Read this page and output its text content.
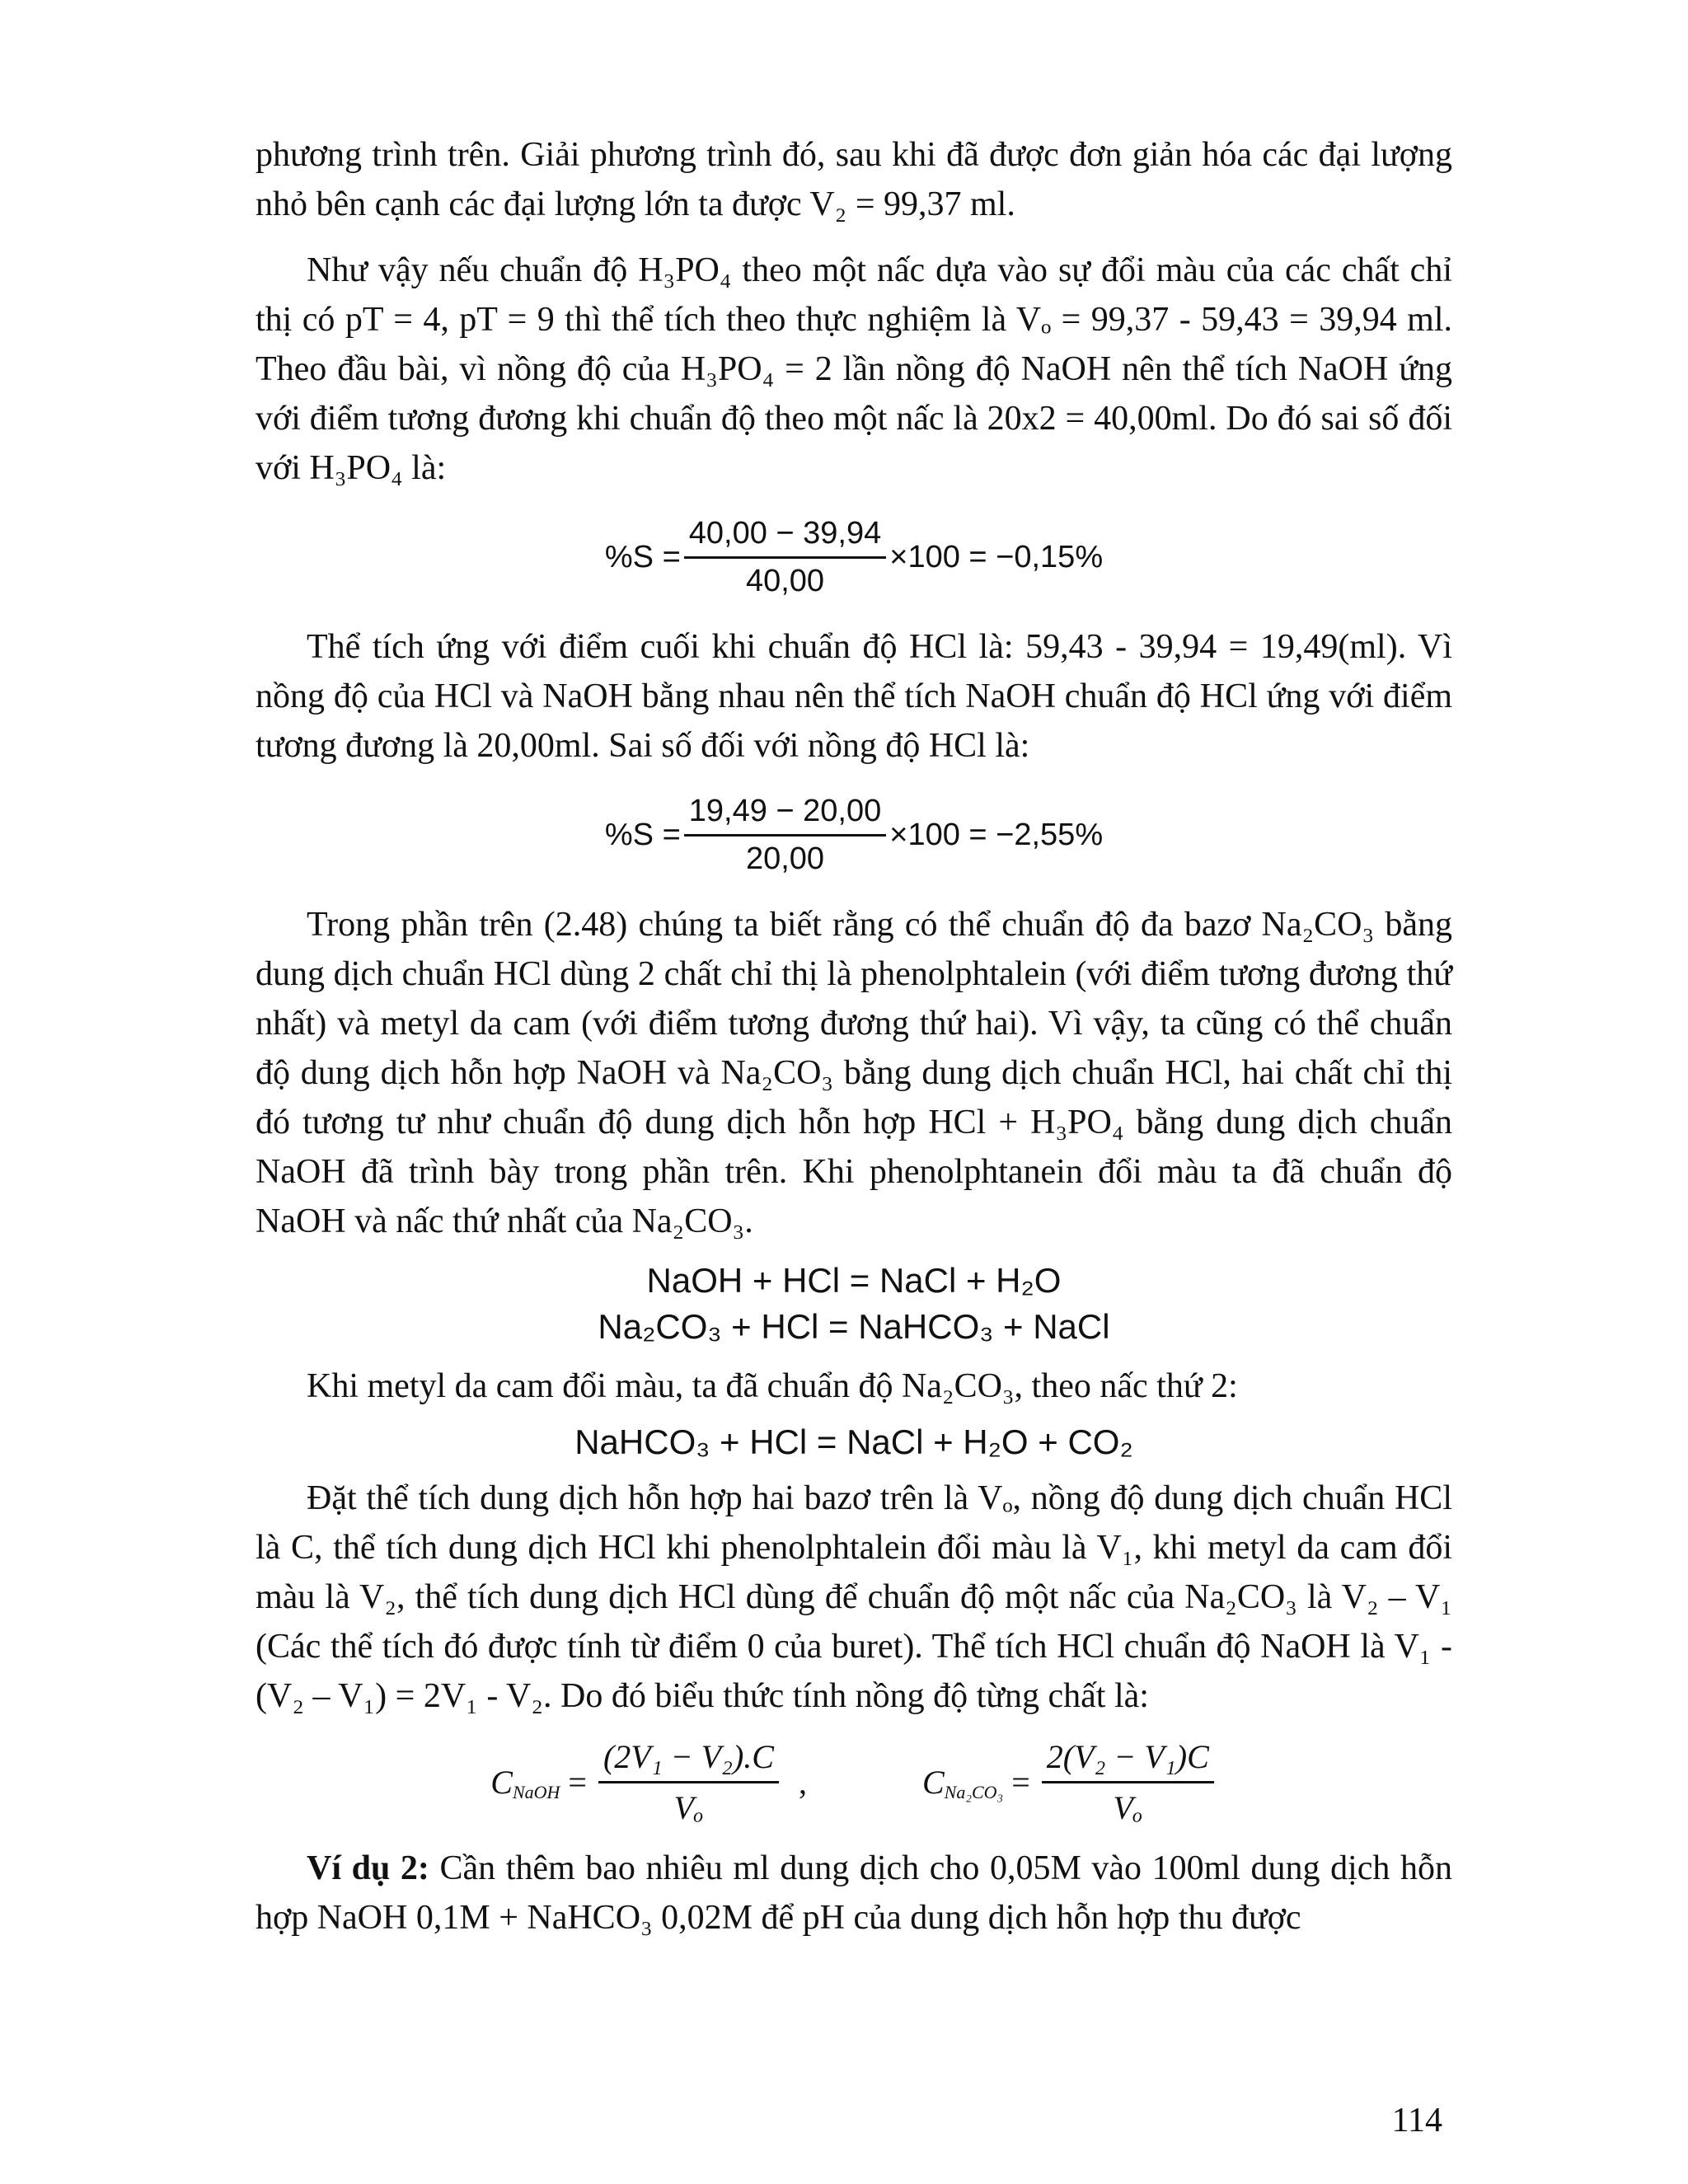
phương trình trên. Giải phương trình đó, sau khi đã được đơn giản hóa các đại lượng nhỏ bên cạnh các đại lượng lớn ta được V₂ = 99,37 ml.

Như vậy nếu chuẩn độ H₃PO₄ theo một nấc dựa vào sự đổi màu của các chất chỉ thị có pT = 4, pT = 9 thì thể tích theo thực nghiệm là Vₒ = 99,37 - 59,43 = 39,94 ml. Theo đầu bài, vì nồng độ của H₃PO₄ = 2 lần nồng độ NaOH nên thể tích NaOH ứng với điểm tương đương khi chuẩn độ theo một nấc là 20x2 = 40,00ml. Do đó sai số đối với H₃PO₄ là:

$\%S = \frac{40,00 - 39,94}{40,00} \times 100 = -0,15\%$

Thể tích ứng với điểm cuối khi chuẩn độ HCl là: 59,43 - 39,94 = 19,49(ml). Vì nồng độ của HCl và NaOH bằng nhau nên thể tích NaOH chuẩn độ HCl ứng với điểm tương đương là 20,00ml. Sai số đối với nồng độ HCl là:

$\%S = \frac{19,49 - 20,00}{20,00} \times 100 = -2,55\%$

Trong phần trên (2.48) chúng ta biết rằng có thể chuẩn độ đa bazơ Na₂CO₃ bằng dung dịch chuẩn HCl dùng 2 chất chỉ thị là phenolphtalein (với điểm tương đương thứ nhất) và metyl da cam (với điểm tương đương thứ hai). Vì vậy, ta cũng có thể chuẩn độ dung dịch hỗn hợp NaOH và Na₂CO₃ bằng dung dịch chuẩn HCl, hai chất chỉ thị đó tương tư như chuẩn độ dung dịch hỗn hợp HCl + H₃PO₄ bằng dung dịch chuẩn NaOH đã trình bày trong phần trên. Khi phenolphtanein đổi màu ta đã chuẩn độ NaOH và nấc thứ nhất của Na₂CO₃.

NaOH + HCl = NaCl + H₂O
Na₂CO₃ + HCl = NaHCO₃ + NaCl

Khi metyl da cam đổi màu, ta đã chuẩn độ Na₂CO₃, theo nấc thứ 2:

NaHCO₃ + HCl = NaCl + H₂O + CO₂

Đặt thể tích dung dịch hỗn hợp hai bazơ trên là Vₒ, nồng độ dung dịch chuẩn HCl là C, thể tích dung dịch HCl khi phenolphtalein đổi màu là V₁, khi metyl da cam đổi màu là V₂, thể tích dung dịch HCl dùng để chuẩn độ một nấc của Na₂CO₃ là V₂ – V₁ (Các thể tích đó được tính từ điểm 0 của buret). Thể tích HCl chuẩn độ NaOH là V₁ - (V₂ – V₁) = 2V₁ - V₂. Do đó biểu thức tính nồng độ từng chất là:

$C_{NaOH} = \frac{\text{(2V₁ − V₂).C}}{\text{Vₒ}}$ ,	$C_{Na_2CO_3} = \frac{\text{2(V₂ − V₁)C}}{\text{Vₒ}}$

Ví dụ 2: Cần thêm bao nhiêu ml dung dịch cho 0,05M vào 100ml dung dịch hỗn hợp NaOH 0,1M + NaHCO₃ 0,02M để pH của dung dịch hỗn hợp thu được

114
